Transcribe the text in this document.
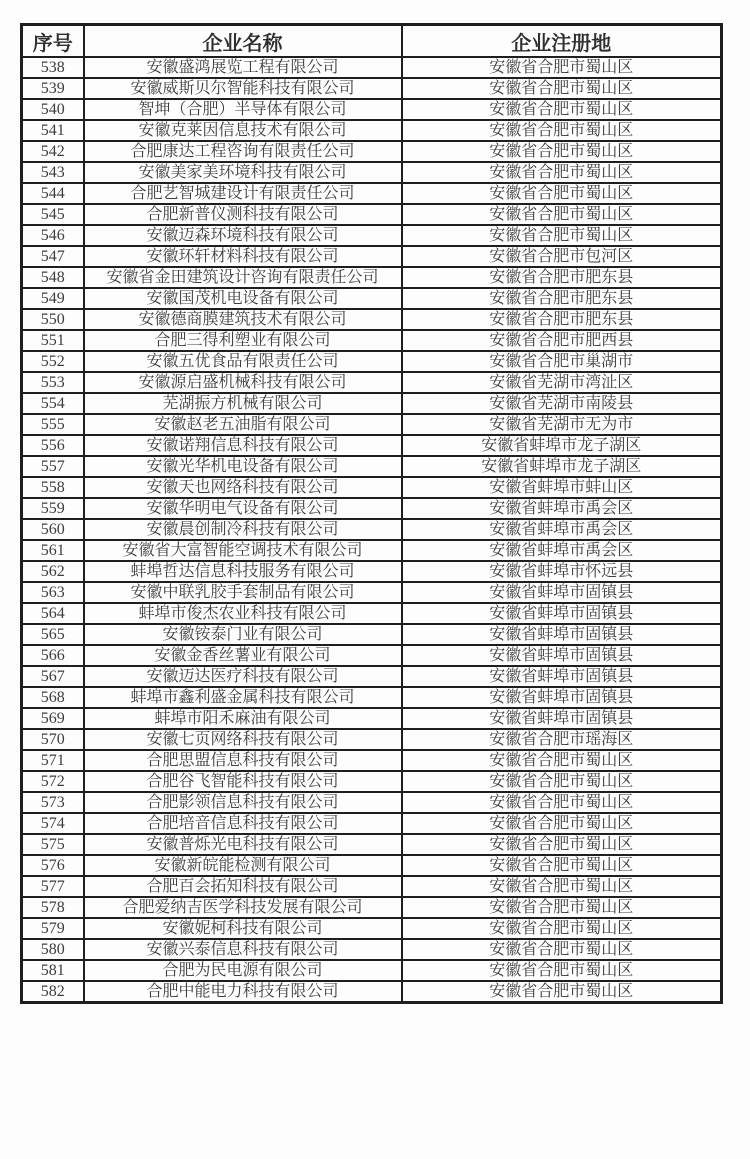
序号	企业名称	企业注册地
538	安徽盛鸿展览工程有限公司	安徽省合肥市蜀山区
539	安徽威斯贝尔智能科技有限公司	安徽省合肥市蜀山区
540	智坤（合肥）半导体有限公司	安徽省合肥市蜀山区
541	安徽克莱因信息技术有限公司	安徽省合肥市蜀山区
542	合肥康达工程咨询有限责任公司	安徽省合肥市蜀山区
543	安徽美家美环境科技有限公司	安徽省合肥市蜀山区
544	合肥艺智城建设计有限责任公司	安徽省合肥市蜀山区
545	合肥新普仪测科技有限公司	安徽省合肥市蜀山区
546	安徽迈森环境科技有限公司	安徽省合肥市蜀山区
547	安徽环轩材料科技有限公司	安徽省合肥市包河区
548	安徽省金田建筑设计咨询有限责任公司	安徽省合肥市肥东县
549	安徽国茂机电设备有限公司	安徽省合肥市肥东县
550	安徽德商膜建筑技术有限公司	安徽省合肥市肥东县
551	合肥三得利塑业有限公司	安徽省合肥市肥西县
552	安徽五优食品有限责任公司	安徽省合肥市巢湖市
553	安徽源启盛机械科技有限公司	安徽省芜湖市湾沚区
554	芜湖振方机械有限公司	安徽省芜湖市南陵县
555	安徽赵老五油脂有限公司	安徽省芜湖市无为市
556	安徽诺翔信息科技有限公司	安徽省蚌埠市龙子湖区
557	安徽光华机电设备有限公司	安徽省蚌埠市龙子湖区
558	安徽天也网络科技有限公司	安徽省蚌埠市蚌山区
559	安徽华明电气设备有限公司	安徽省蚌埠市禹会区
560	安徽晨创制冷科技有限公司	安徽省蚌埠市禹会区
561	安徽省大富智能空调技术有限公司	安徽省蚌埠市禹会区
562	蚌埠哲达信息科技服务有限公司	安徽省蚌埠市怀远县
563	安徽中联乳胶手套制品有限公司	安徽省蚌埠市固镇县
564	蚌埠市俊杰农业科技有限公司	安徽省蚌埠市固镇县
565	安徽铵泰门业有限公司	安徽省蚌埠市固镇县
566	安徽金香丝薯业有限公司	安徽省蚌埠市固镇县
567	安徽迈达医疗科技有限公司	安徽省蚌埠市固镇县
568	蚌埠市鑫利盛金属科技有限公司	安徽省蚌埠市固镇县
569	蚌埠市阳禾麻油有限公司	安徽省蚌埠市固镇县
570	安徽七页网络科技有限公司	安徽省合肥市瑶海区
571	合肥思盟信息科技有限公司	安徽省合肥市蜀山区
572	合肥谷飞智能科技有限公司	安徽省合肥市蜀山区
573	合肥影领信息科技有限公司	安徽省合肥市蜀山区
574	合肥培音信息科技有限公司	安徽省合肥市蜀山区
575	安徽普烁光电科技有限公司	安徽省合肥市蜀山区
576	安徽新皖能检测有限公司	安徽省合肥市蜀山区
577	合肥百会拓知科技有限公司	安徽省合肥市蜀山区
578	合肥爱纳吉医学科技发展有限公司	安徽省合肥市蜀山区
579	安徽妮柯科技有限公司	安徽省合肥市蜀山区
580	安徽兴泰信息科技有限公司	安徽省合肥市蜀山区
581	合肥为民电源有限公司	安徽省合肥市蜀山区
582	合肥中能电力科技有限公司	安徽省合肥市蜀山区
